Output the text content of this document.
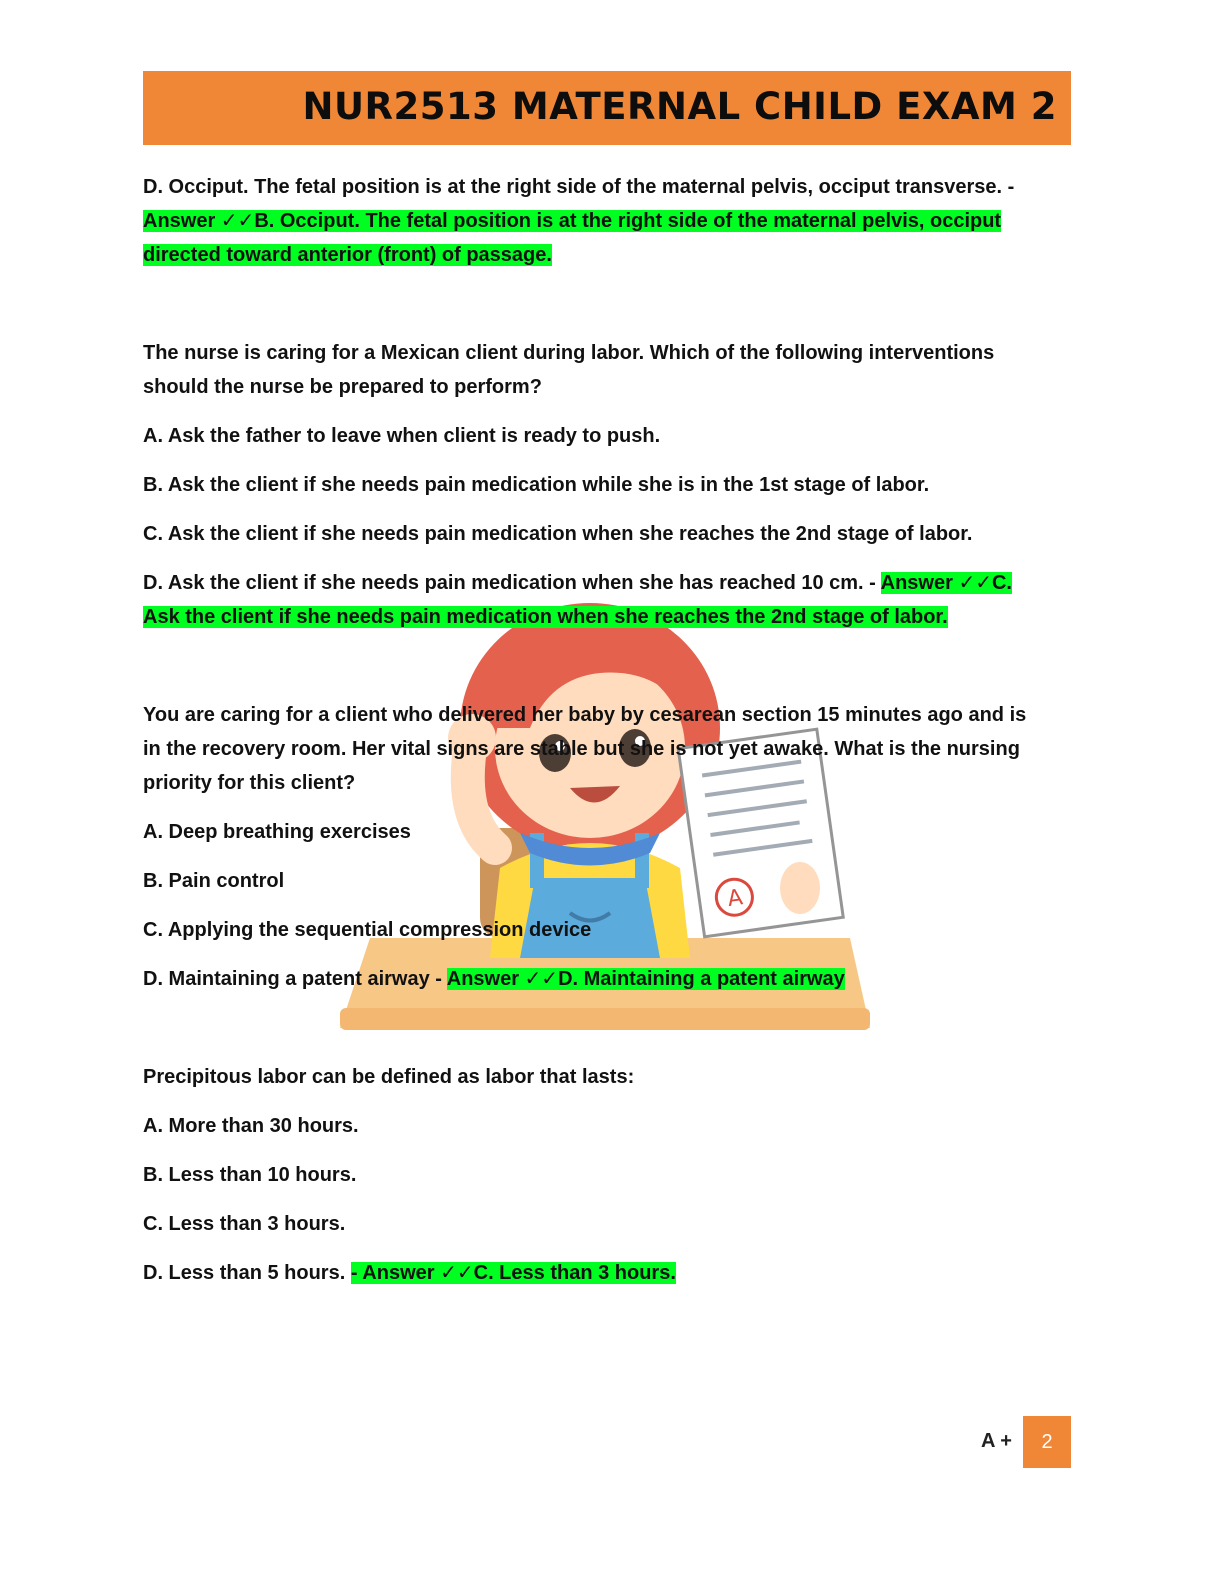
NUR2513 MATERNAL CHILD EXAM 2
A

D. Occiput. The fetal position is at the right side of the maternal pelvis, occiput transverse. -

Answer ✓✓B. Occiput. The fetal position is at the right side of the maternal pelvis, occiput

directed toward anterior (front) of passage.

The nurse is caring for a Mexican client during labor. Which of the following interventions

should the nurse be prepared to perform?

A. Ask the father to leave when client is ready to push.

B. Ask the client if she needs pain medication while she is in the 1st stage of labor.

C. Ask the client if she needs pain medication when she reaches the 2nd stage of labor.

D. Ask the client if she needs pain medication when she has reached 10 cm. - Answer ✓✓C.

Ask the client if she needs pain medication when she reaches the 2nd stage of labor.

You are caring for a client who delivered her baby by cesarean section 15 minutes ago and is

in the recovery room. Her vital signs are stable but she is not yet awake. What is the nursing

priority for this client?

A. Deep breathing exercises

B. Pain control

C. Applying the sequential compression device

D. Maintaining a patent airway - Answer ✓✓D. Maintaining a patent airway

Precipitous labor can be defined as labor that lasts:

A. More than 30 hours.

B. Less than 10 hours.

C. Less than 3 hours.

D. Less than 5 hours. - Answer ✓✓C. Less than 3 hours.

A +	2
